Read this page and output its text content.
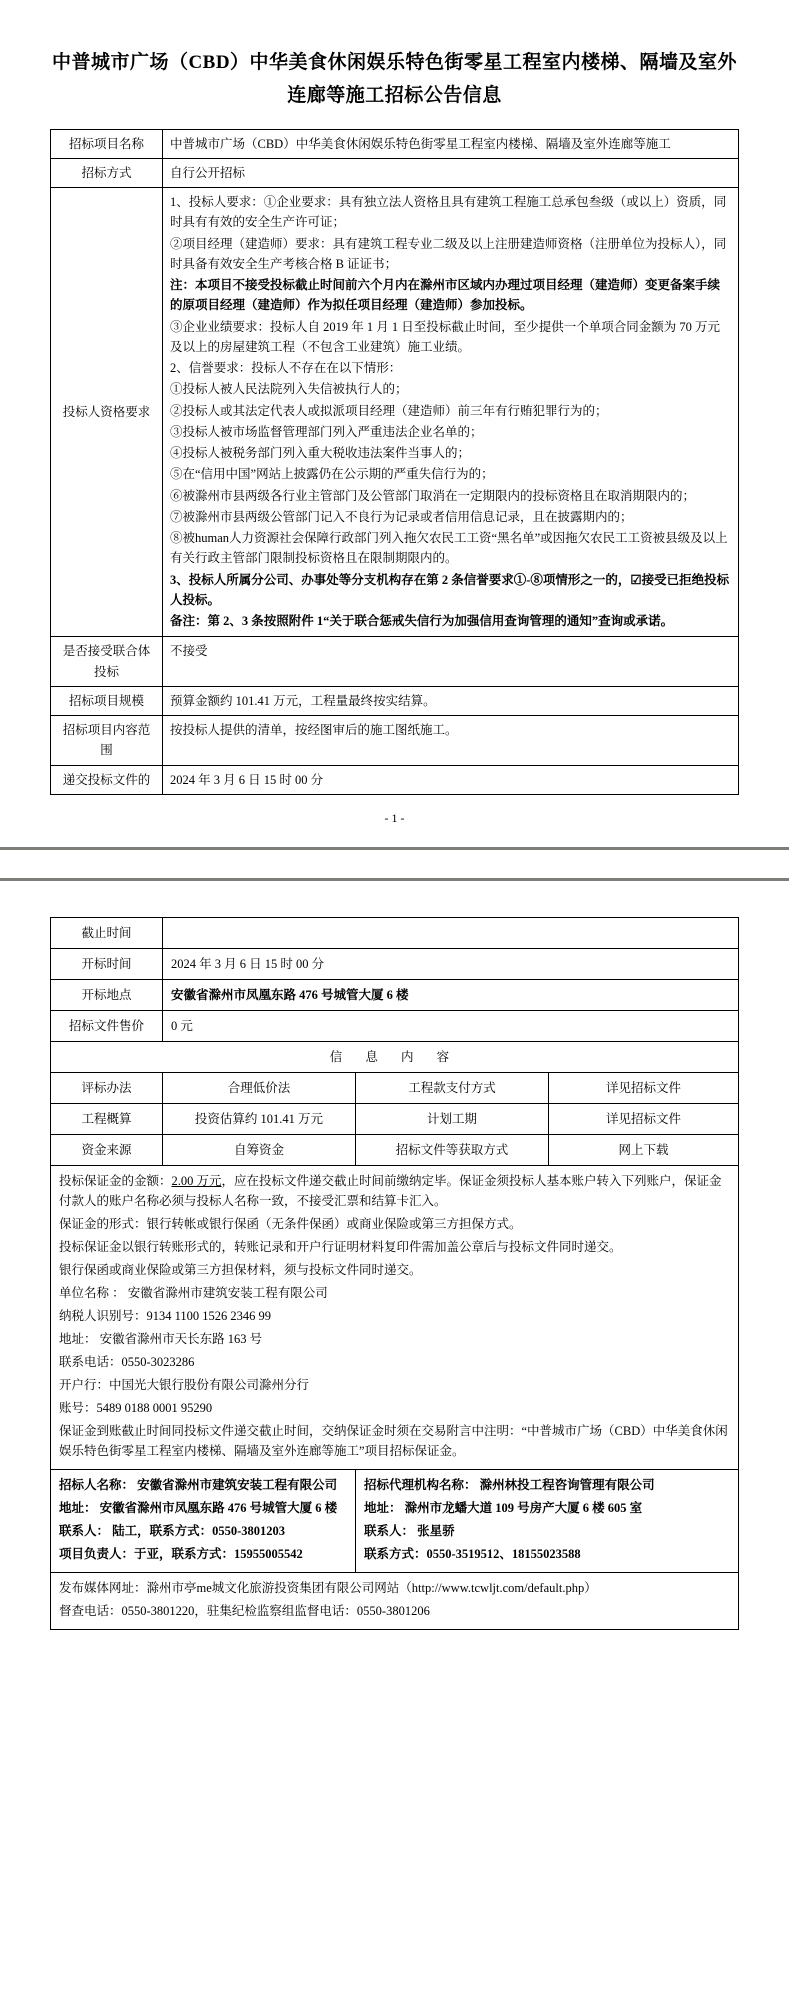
中普城市广场（CBD）中华美食休闲娱乐特色街零星工程室内楼梯、隔墙及室外连廊等施工招标公告信息
招标项目名称	中普城市广场（CBD）中华美食休闲娱乐特色街零星工程室内楼梯、隔墙及室外连廊等施工
招标方式	自行公开招标
投标人资格要求	

1、投标人要求：①企业要求：具有独立法人资格且具有建筑工程施工总承包叁级（或以上）资质，同时具有有效的安全生产许可证；

②项目经理（建造师）要求：具有建筑工程专业二级及以上注册建造师资格（注册单位为投标人），同时具备有效安全生产考核合格 B 证证书；

注：本项目不接受投标截止时间前六个月内在滁州市区域内办理过项目经理（建造师）变更备案手续的原项目经理（建造师）作为拟任项目经理（建造师）参加投标。

③企业业绩要求：投标人自 2019 年 1 月 1 日至投标截止时间，至少提供一个单项合同金额为 70 万元及以上的房屋建筑工程（不包含工业建筑）施工业绩。

2、信誉要求：投标人不存在在以下情形：

①投标人被人民法院列入失信被执行人的；

②投标人或其法定代表人或拟派项目经理（建造师）前三年有行贿犯罪行为的；

③投标人被市场监督管理部门列入严重违法企业名单的；

④投标人被税务部门列入重大税收违法案件当事人的；

⑤在“信用中国”网站上披露仍在公示期的严重失信行为的；

⑥被滁州市县两级各行业主管部门及公管部门取消在一定期限内的投标资格且在取消期限内的；

⑦被滁州市县两级公管部门记入不良行为记录或者信用信息记录，且在披露期内的；

⑧被human人力资源社会保障行政部门列入拖欠农民工工资“黑名单”或因拖欠农民工工资被县级及以上有关行政主管部门限制投标资格且在限制期限内的。

3、投标人所属分公司、办事处等分支机构存在第 2 条信誉要求①-⑧项情形之一的，☑接受已拒绝投标人投标。

备注：第 2、3 条按照附件 1“关于联合惩戒失信行为加强信用查询管理的通知”查询或承诺。

是否接受联合体投标	不接受
招标项目规模	预算金额约 101.41 万元，工程量最终按实结算。
招标项目内容范围	按投标人提供的清单，按经图审后的施工图纸施工。
递交投标文件的	2024 年 3 月 6 日 15 时 00 分
- 1 -
截止时间			
开标时间	2024 年 3 月 6 日 15 时 00 分		
开标地点	安徽省滁州市凤凰东路 476 号城管大厦 6 楼		
招标文件售价	0 元		
信 息 内 容			
评标办法	合理低价法	工程款支付方式	详见招标文件
工程概算	投资估算约 101.41 万元	计划工期	详见招标文件
资金来源	自筹资金	招标文件等获取方式	网上下载

投标保证金的金额：2.00 万元，应在投标文件递交截止时间前缴纳定毕。保证金须投标人基本账户转入下列账户，保证金付款人的账户名称必须与投标人名称一致，不接受汇票和结算卡汇入。

保证金的形式：银行转帐或银行保函（无条件保函）或商业保险或第三方担保方式。

投标保证金以银行转账形式的，转账记录和开户行证明材料复印件需加盖公章后与投标文件同时递交。

银行保函或商业保险或第三方担保材料，须与投标文件同时递交。

单位名称 ： 安徽省滁州市建筑安装工程有限公司

纳税人识别号：9134 1100 1526 2346 99

地址： 安徽省滁州市天长东路 163 号

联系电话：0550-3023286

开户行：中国光大银行股份有限公司滁州分行

账号：5489 0188 0001 95290

保证金到账截止时间同投标文件递交截止时间，交纳保证金时须在交易附言中注明：“中普城市广场（CBD）中华美食休闲娱乐特色街零星工程室内楼梯、隔墙及室外连廊等施工”项目招标保证金。

招标人名称： 安徽省滁州市建筑安装工程有限公司

地址： 安徽省滁州市凤凰东路 476 号城管大厦 6 楼

联系人： 陆工，联系方式：0550-3801203

项目负责人：于亚，联系方式：15955005542

招标代理机构名称： 滁州林投工程咨询管理有限公司

地址： 滁州市龙蟠大道 109 号房产大厦 6 楼 605 室

联系人： 张星骄

联系方式：0550-3519512、18155023588

发布媒体网址：滁州市亭me城文化旅游投资集团有限公司网站（http://www.tcwljt.com/default.php）

督查电话：0550-3801220，驻集纪检监察组监督电话：0550-3801206			
